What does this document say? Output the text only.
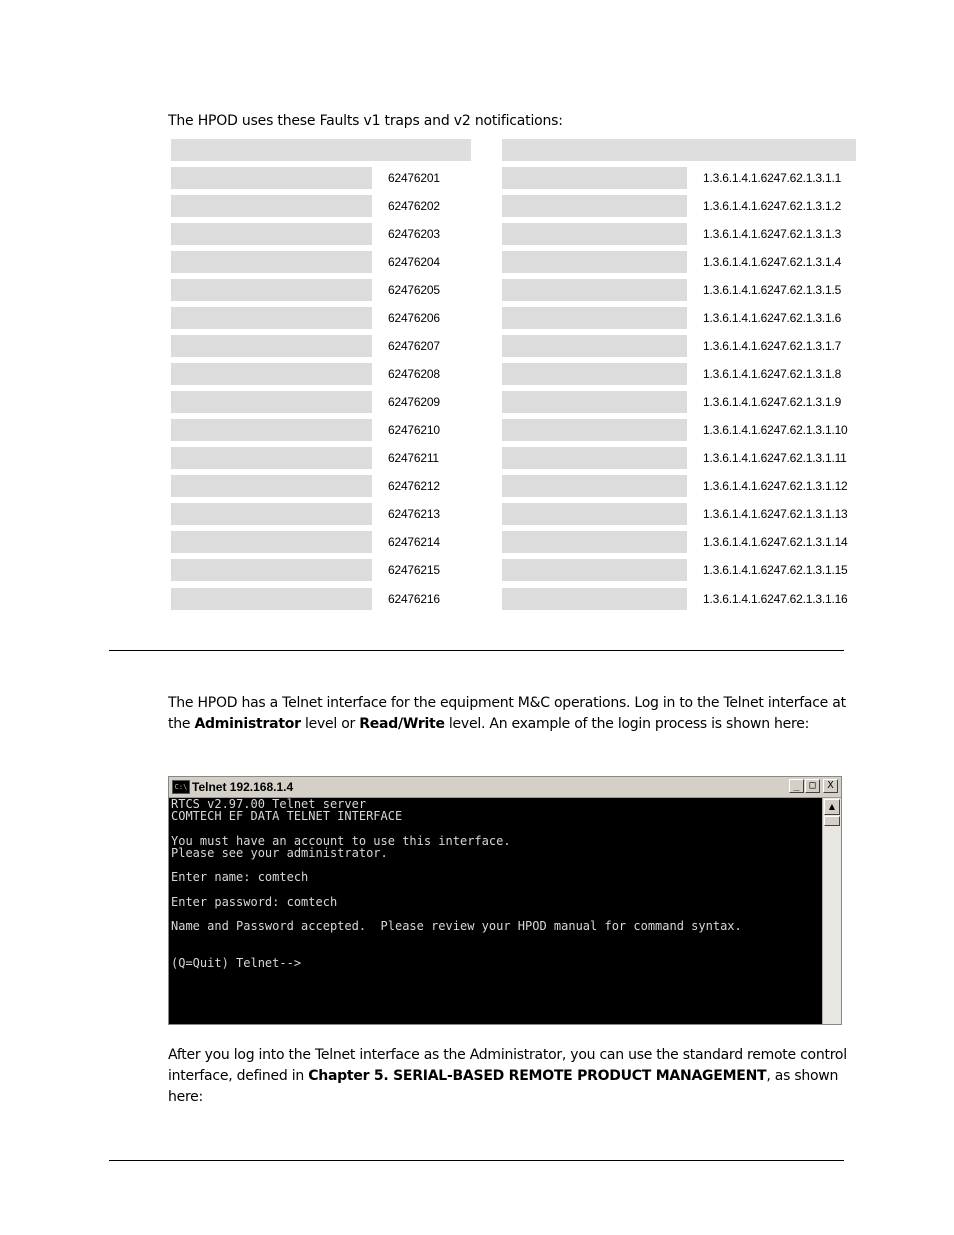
The HPOD uses these Faults v1 traps and v2 notifications:
62476201	1.3.6.1.4.1.6247.62.1.3.1.1
62476202	1.3.6.1.4.1.6247.62.1.3.1.2
62476203	1.3.6.1.4.1.6247.62.1.3.1.3
62476204	1.3.6.1.4.1.6247.62.1.3.1.4
62476205	1.3.6.1.4.1.6247.62.1.3.1.5
62476206	1.3.6.1.4.1.6247.62.1.3.1.6
62476207	1.3.6.1.4.1.6247.62.1.3.1.7
62476208	1.3.6.1.4.1.6247.62.1.3.1.8
62476209	1.3.6.1.4.1.6247.62.1.3.1.9
62476210	1.3.6.1.4.1.6247.62.1.3.1.10
62476211	1.3.6.1.4.1.6247.62.1.3.1.11
62476212	1.3.6.1.4.1.6247.62.1.3.1.12
62476213	1.3.6.1.4.1.6247.62.1.3.1.13
62476214	1.3.6.1.4.1.6247.62.1.3.1.14
62476215	1.3.6.1.4.1.6247.62.1.3.1.15
62476216	1.3.6.1.4.1.6247.62.1.3.1.16
The HPOD has a Telnet interface for the equipment M&C operations. Log in to the Telnet interface at the Administrator level or Read/Write level. An example of the login process is shown here:
C:\ Telnet 192.168.1.4	_ □	X
RTCS v2.97.00 Telnet server
COMTECH EF DATA TELNET INTERFACE

You must have an account to use this interface.
Please see your administrator.

Enter name: comtech

Enter password: comtech

Name and Password accepted.  Please review your HPOD manual for command syntax.

(Q=Quit) Telnet-->
▲
After you log into the Telnet interface as the Administrator, you can use the standard remote control interface, defined in Chapter 5. SERIAL-BASED REMOTE PRODUCT MANAGEMENT, as shown here:
